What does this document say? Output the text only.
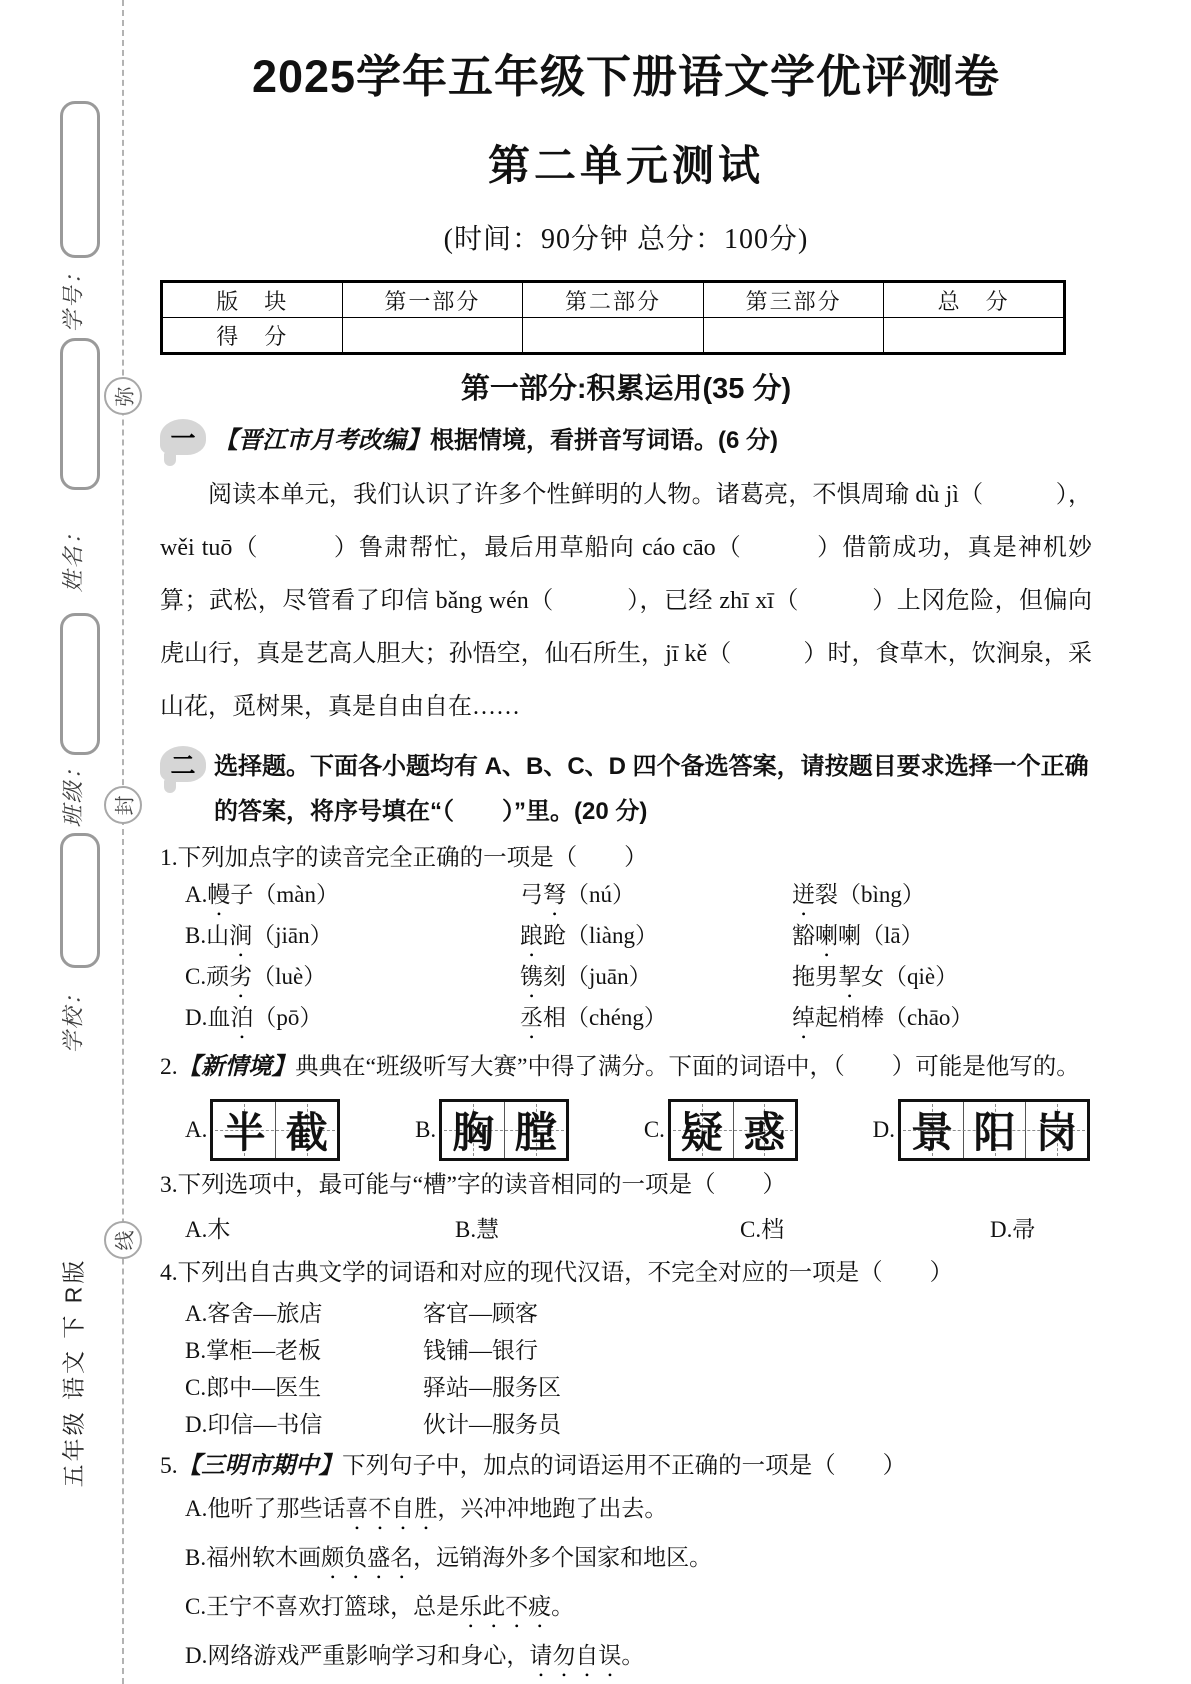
学号：
弥
姓名：
班级： 封
学校：
线
五年级 语文 下 R版
2025学年五年级下册语文学优评测卷
第二单元测试
(时间：90分钟 总分：100分)
版　块	第一部分	第二部分	第三部分	总　分
得　分				
第一部分:积累运用(35 分)
一 【晋江市月考改编】根据情境，看拼音写词语。(6 分)

阅读本单元，我们认识了许多个性鲜明的人物。诸葛亮，不惧周瑜 dù jì（　　　），wěi tuō（　　　）鲁肃帮忙，最后用草船向 cáo cāo（　　　）借箭成功，真是神机妙算；武松，尽管看了印信 bǎng wén（　　　），已经 zhī xī（　　　）上冈危险，但偏向虎山行，真是艺高人胆大；孙悟空，仙石所生，jī kě（　　　）时，食草木，饮涧泉，采山花，觅树果，真是自由自在……

二 选择题。下面各小题均有 A、B、C、D 四个备选答案，请按题目要求选择一个正确的答案，将序号填在“（　　）”里。(20 分)

1.下列加点字的读音完全正确的一项是（　　）

A.幔子（màn）	弓弩（nú）	迸裂（bìng）
B.山涧（jiān）	踉跄（liàng）	豁喇喇（lā）
C.顽劣（luè）	镌刻（juān）	拖男挈女（qiè）
D.血泊（pō）	丞相（chéng）	绰起梢棒（chāo）

2.【新情境】典典在“班级听写大赛”中得了满分。下面的词语中，（　　）可能是他写的。

A. 半 截	B. 胸 膛	C. 疑 惑	D. 景 阳 岗

3.下列选项中，最可能与“槽”字的读音相同的一项是（　　）

A.木	B.慧	C.档	D.帚

4.下列出自古典文学的词语和对应的现代汉语，不完全对应的一项是（　　）

A.客舍—旅店	客官—顾客
B.掌柜—老板	钱铺—银行
C.郎中—医生	驿站—服务区
D.印信—书信	伙计—服务员

5.【三明市期中】下列句子中，加点的词语运用不正确的一项是（　　）

A.他听了那些话喜不自胜，兴冲冲地跑了出去。
B.福州软木画颇负盛名，远销海外多个国家和地区。
C.王宁不喜欢打篮球，总是乐此不疲。
D.网络游戏严重影响学习和身心，请勿自误。
